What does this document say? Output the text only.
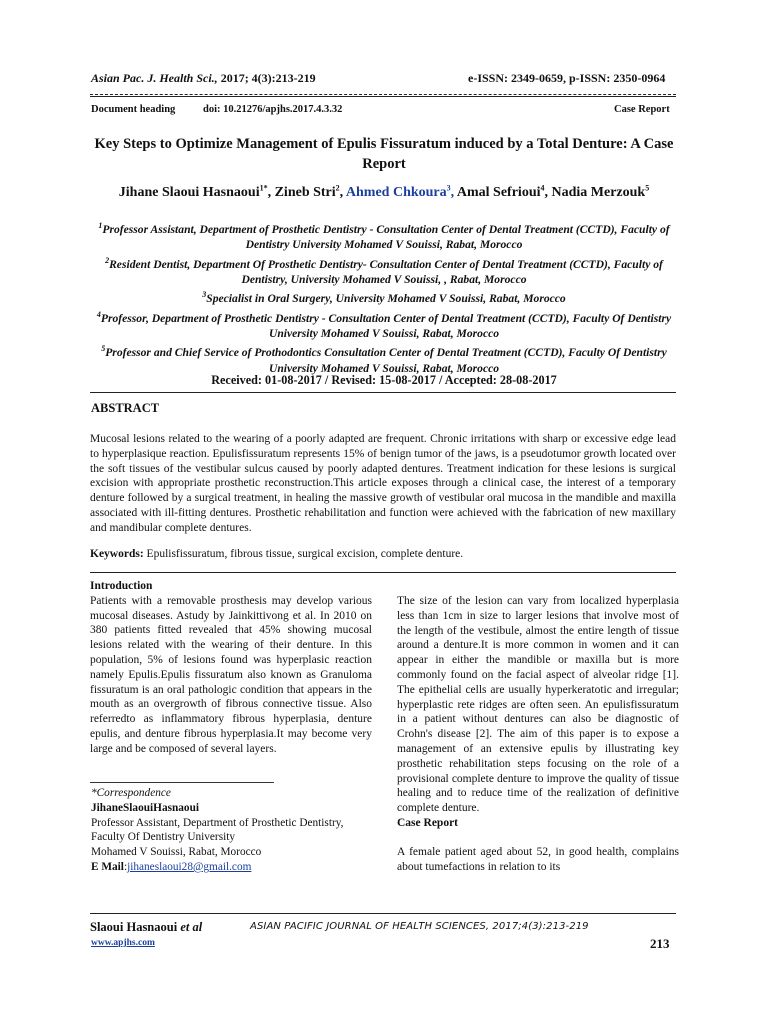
Asian Pac. J. Health Sci., 2017; 4(3):213-219	e-ISSN: 2349-0659, p-ISSN: 2350-0964
Document heading	doi: 10.21276/apjhs.2017.4.3.32	Case Report
Key Steps to Optimize Management of Epulis Fissuratum induced by a Total Denture: A Case Report
Jihane Slaoui Hasnaoui$^{1*}$, Zineb Stri$^2$, Ahmed Chkoura$^3$, Amal Sefrioui$^4$, Nadia Merzouk$^5$

$^1$Professor Assistant, Department of Prosthetic Dentistry - Consultation Center of Dental Treatment (CCTD), Faculty of Dentistry University Mohamed V Souissi, Rabat, Morocco

$^2$Resident Dentist, Department Of Prosthetic Dentistry- Consultation Center of Dental Treatment (CCTD), Faculty of Dentistry, University Mohamed V Souissi, , Rabat, Morocco

$^3$Specialist in Oral Surgery, University Mohamed V Souissi, Rabat, Morocco

$^4$Professor, Department of Prosthetic Dentistry - Consultation Center of Dental Treatment (CCTD), Faculty Of Dentistry University Mohamed V Souissi, Rabat, Morocco

$^5$Professor and Chief Service of Prothodontics Consultation Center of Dental Treatment (CCTD), Faculty Of Dentistry University Mohamed V Souissi, Rabat, Morocco

Received: 01-08-2017 / Revised: 15-08-2017 / Accepted: 28-08-2017
ABSTRACT
Mucosal lesions related to the wearing of a poorly adapted are frequent. Chronic irritations with sharp or excessive edge lead to hyperplasique reaction. Epulisfissuratum represents 15% of benign tumor of the jaws, is a pseudotumor growth located over the soft tissues of the vestibular sulcus caused by poorly adapted dentures. Treatment indication for these lesions is surgical excision with appropriate prosthetic reconstruction.This article exposes through a clinical case, the interest of a temporary denture followed by a surgical treatment, in healing the massive growth of vestibular oral mucosa in the mandible and maxilla associated with ill-fitting dentures. Prosthetic rehabilitation and function were achieved with the fabrication of new maxillary and mandibular complete dentures.
Keywords: Epulisfissuratum, fibrous tissue, surgical excision, complete denture.

Introduction

Patients with a removable prosthesis may develop various mucosal diseases. Astudy by Jainkittivong et al. In 2010 on 380 patients fitted revealed that 45% showing mucosal lesions related with the wearing of their denture. In this population, 5% of lesions found was hyperplasic reaction namely Epulis.Epulis fissuratum also known as Granuloma fissuratum is an oral pathologic condition that appears in the mouth as an overgrowth of fibrous connective tissue. Also referredto as inflammatory fibrous hyperplasia, denture epulis, and denture fibrous hyperplasia.It may become very large and be composed of several layers.

*Correspondence
JihaneSlaouiHasnaoui
Professor Assistant, Department of Prosthetic Dentistry,
Faculty Of Dentistry University
Mohamed V Souissi, Rabat, Morocco
E Mail:jihaneslaoui28@gmail.com

The size of the lesion can vary from localized hyperplasia less than 1cm in size to larger lesions that involve most of the length of the vestibule, almost the entire length of tissue around a denture.It is more common in women and it can appear in either the mandible or maxilla but is more commonly found on the facial aspect of alveolar ridge [1]. The epithelial cells are usually hyperkeratotic and irregular; hyperplastic rete ridges are often seen. An epulisfissuratum in a patient without dentures can also be diagnostic of Crohn's disease [2]. The aim of this paper is to expose a management of an extensive epulis by illustrating key prosthetic rehabilitation steps focusing on the role of a provisional complete denture to improve the quality of tissue healing and to reduce time of the realization of definitive complete denture.

Case Report

A female patient aged about 52, in good health, complains about tumefactions in relation to its

Slaoui Hasnaoui et al	ASIAN PACIFIC JOURNAL OF HEALTH SCIENCES, 2017;4(3):213-219
www.apjhs.com	213
